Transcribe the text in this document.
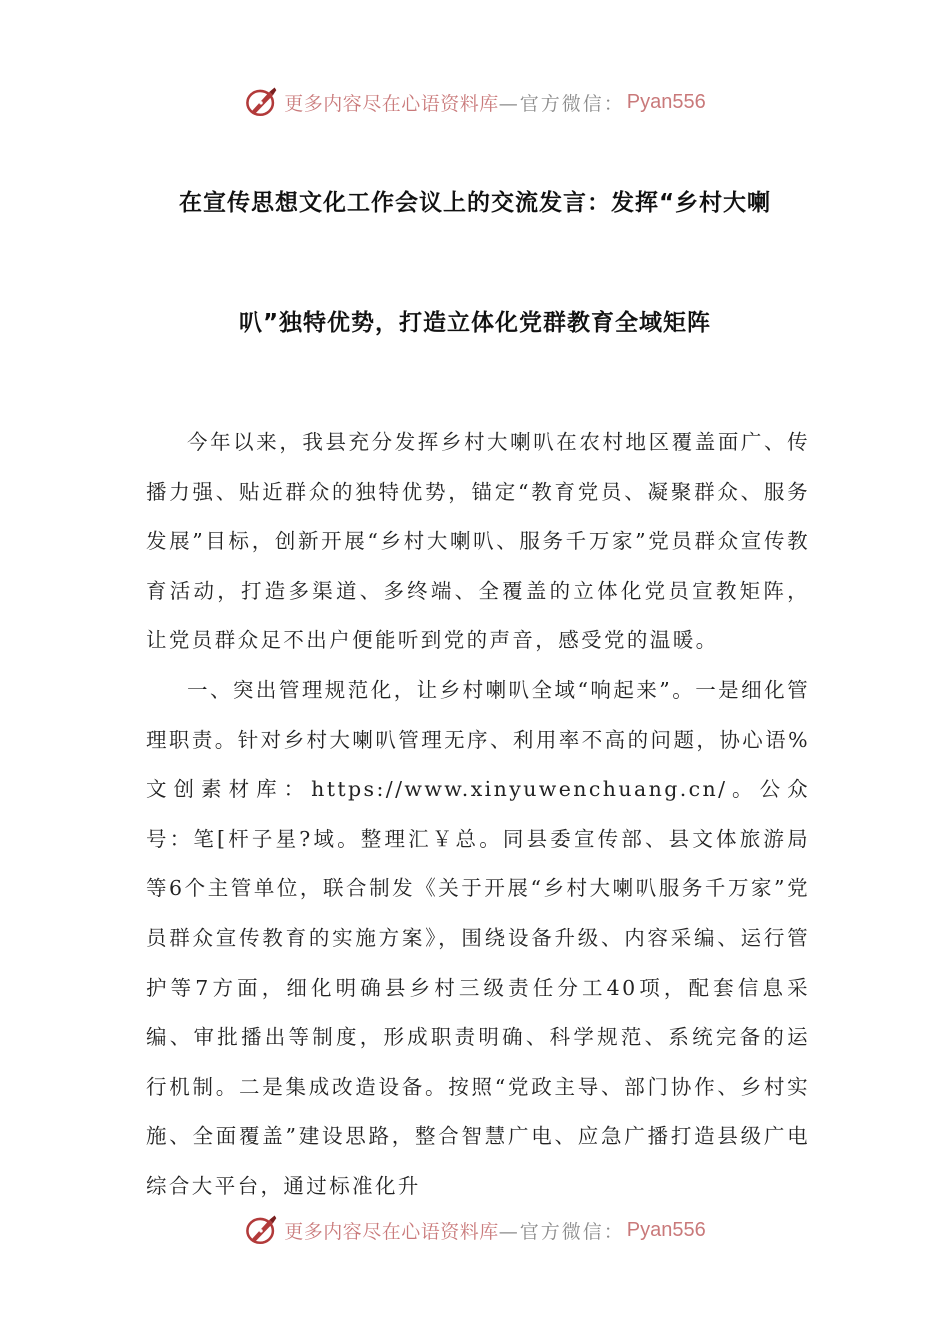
更多内容尽在心语资料库 —官方微信： Pyan556
在宣传思想文化工作会议上的交流发言：发挥“乡村大喇
叭”独特优势，打造立体化党群教育全域矩阵

今年以来，我县充分发挥乡村大喇叭在农村地区覆盖面广、传播力强、贴近群众的独特优势，锚定“教育党员、凝聚群众、服务发展”目标，创新开展“乡村大喇叭、服务千万家”党员群众宣传教育活动，打造多渠道、多终端、全覆盖的立体化党员宣教矩阵，让党员群众足不出户便能听到党的声音，感受党的温暖。

一、突出管理规范化，让乡村喇叭全域“响起来”。一是细化管理职责。针对乡村大喇叭管理无序、利用率不高的问题，协心语%文创素材库：https://www.xinyuwenchuang.cn/。公众号：笔[杆子星?域。整理汇￥总。同县委宣传部、县文体旅游局等6个主管单位，联合制发《关于开展“乡村大喇叭服务千万家”党员群众宣传教育的实施方案》，围绕设备升级、内容采编、运行管护等7方面，细化明确县乡村三级责任分工40项，配套信息采编、审批播出等制度，形成职责明确、科学规范、系统完备的运行机制。二是集成改造设备。按照“党政主导、部门协作、乡村实施、全面覆盖”建设思路，整合智慧广电、应急广播打造县级广电综合大平台，通过标准化升

更多内容尽在心语资料库 —官方微信： Pyan556
